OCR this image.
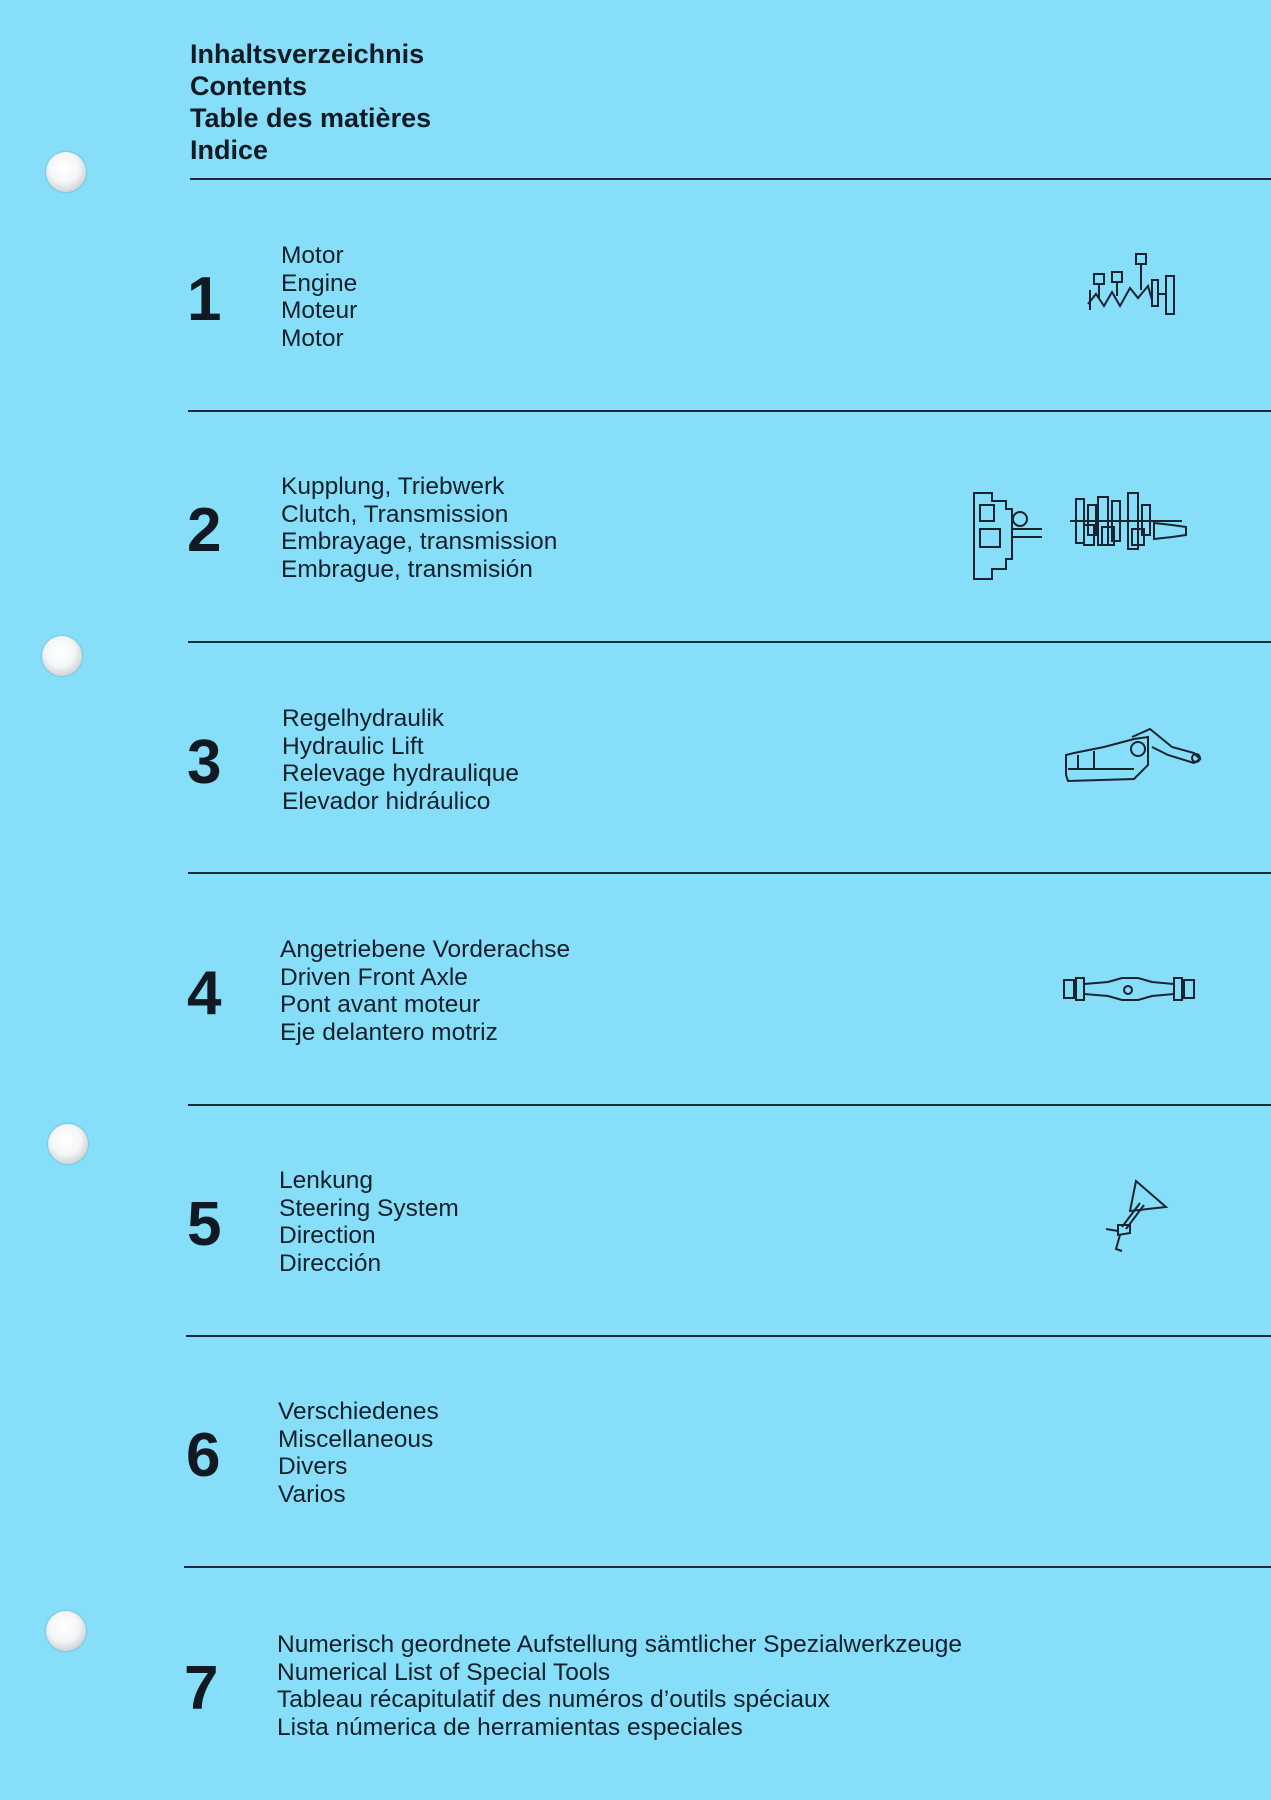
Inhaltsverzeichnis
Contents
Table des matières
Indice
1
Motor
Engine
Moteur
Motor
2
Kupplung, Triebwerk
Clutch, Transmission
Embrayage, transmission
Embrague, transmisión
3
Regelhydraulik
Hydraulic Lift
Relevage hydraulique
Elevador hidráulico
4
Angetriebene Vorderachse
Driven Front Axle
Pont avant moteur
Eje delantero motriz
5
Lenkung
Steering System
Direction
Dirección
6
Verschiedenes
Miscellaneous
Divers
Varios
7
Numerisch geordnete Aufstellung sämtlicher Spezialwerkzeuge
Numerical List of Special Tools
Tableau récapitulatif des numéros d’outils spéciaux
Lista númerica de herramientas especiales
